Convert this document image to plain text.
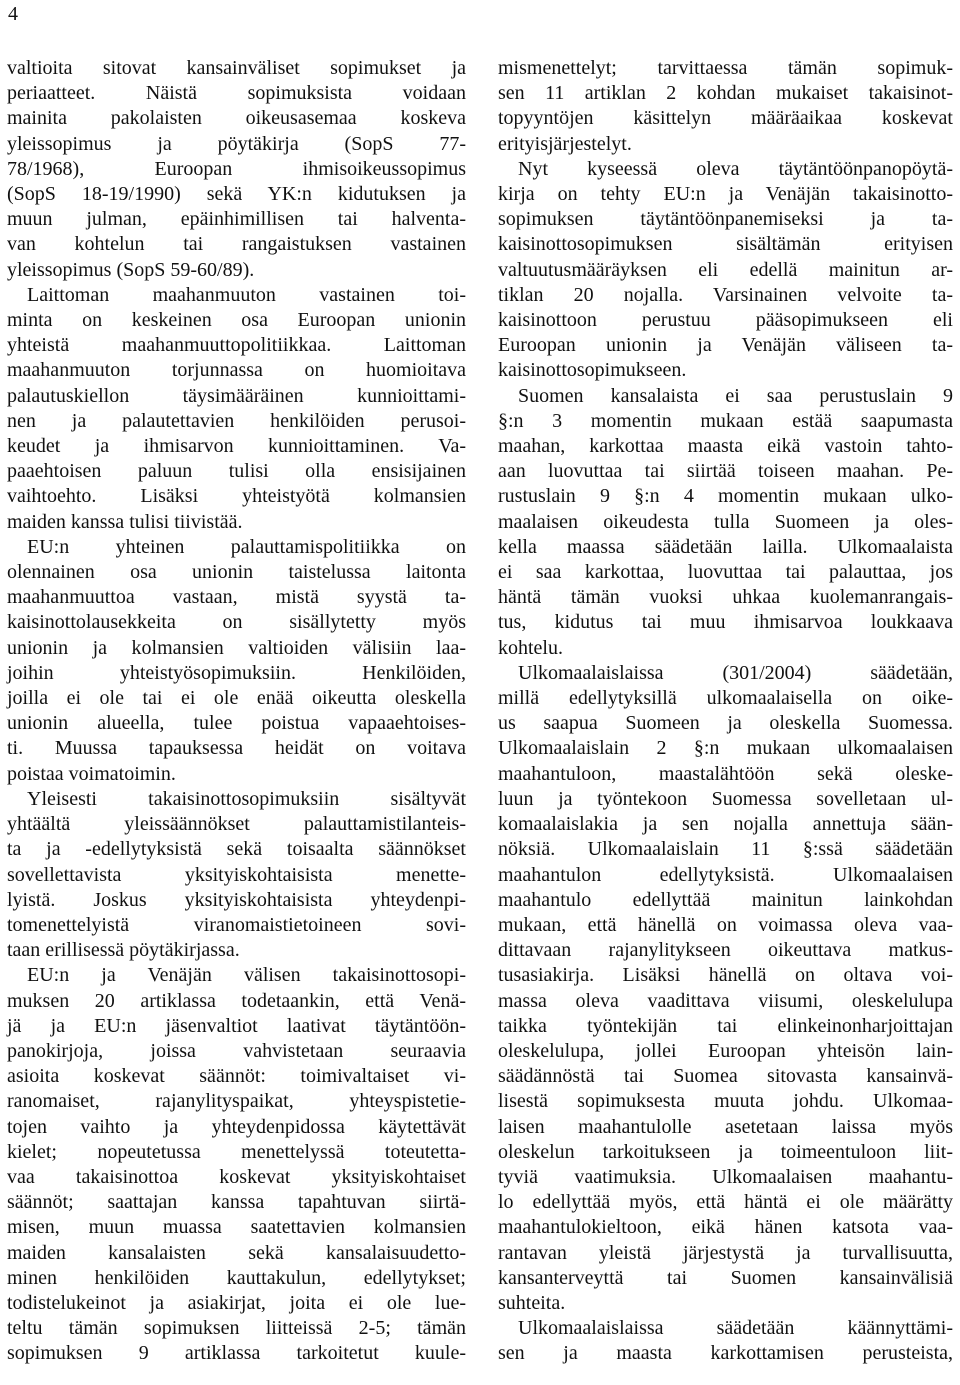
4

valtioita sitovat kansainväliset sopimukset ja

periaatteet. Näistä sopimuksista voidaan

mainita pakolaisten oikeusasemaa koskeva

yleissopimus ja pöytäkirja (SopS 77-

78/1968), Euroopan ihmisoikeussopimus

(SopS 18-19/1990) sekä YK:n kidutuksen ja

muun julman, epäinhimillisen tai halventa-

van kohtelun tai rangaistuksen vastainen

yleissopimus (SopS 59-60/89).

Laittoman maahanmuuton vastainen toi-

minta on keskeinen osa Euroopan unionin

yhteistä maahanmuuttopolitiikkaa. Laittoman

maahanmuuton torjunnassa on huomioitava

palautuskiellon täysimääräinen kunnioittami-

nen ja palautettavien henkilöiden perusoi-

keudet ja ihmisarvon kunnioittaminen. Va-

paaehtoisen paluun tulisi olla ensisijainen

vaihtoehto. Lisäksi yhteistyötä kolmansien

maiden kanssa tulisi tiivistää.

EU:n yhteinen palauttamispolitiikka on

olennainen osa unionin taistelussa laitonta

maahanmuuttoa vastaan, mistä syystä ta-

kaisinottolausekkeita on sisällytetty myös

unionin ja kolmansien valtioiden välisiin laa-

joihin yhteistyösopimuksiin. Henkilöiden,

joilla ei ole tai ei ole enää oikeutta oleskella

unionin alueella, tulee poistua vapaaehtoises-

ti. Muussa tapauksessa heidät on voitava

poistaa voimatoimin.

Yleisesti takaisinottosopimuksiin sisältyvät

yhtäältä yleissäännökset palauttamistilanteis-

ta ja -edellytyksistä sekä toisaalta säännökset

sovellettavista yksityiskohtaisista menette-

lyistä. Joskus yksityiskohtaisista yhteydenpi-

tomenettelyistä viranomaistietoineen sovi-

taan erillisessä pöytäkirjassa.

EU:n ja Venäjän välisen takaisinottosopi-

muksen 20 artiklassa todetaankin, että Venä-

jä ja EU:n jäsenvaltiot laativat täytäntöön-

panokirjoja, joissa vahvistetaan seuraavia

asioita koskevat säännöt: toimivaltaiset vi-

ranomaiset, rajanylityspaikat, yhteyspistetie-

tojen vaihto ja yhteydenpidossa käytettävät

kielet; nopeutetussa menettelyssä toteutetta-

vaa takaisinottoa koskevat yksityiskohtaiset

säännöt; saattajan kanssa tapahtuvan siirtä-

misen, muun muassa saatettavien kolmansien

maiden kansalaisten sekä kansalaisuudetto-

minen henkilöiden kauttakulun, edellytykset;

todistelukeinot ja asiakirjat, joita ei ole lue-

teltu tämän sopimuksen liitteissä 2-5; tämän

sopimuksen 9 artiklassa tarkoitetut kuule-

mismenettelyt; tarvittaessa tämän sopimuk-

sen 11 artiklan 2 kohdan mukaiset takaisinot-

topyyntöjen käsittelyn määräaikaa koskevat

erityisjärjestelyt.

Nyt kyseessä oleva täytäntöönpanopöytä-

kirja on tehty EU:n ja Venäjän takaisinotto-

sopimuksen täytäntöönpanemiseksi ja ta-

kaisinottosopimuksen sisältämän erityisen

valtuutusmääräyksen eli edellä mainitun ar-

tiklan 20 nojalla. Varsinainen velvoite ta-

kaisinottoon perustuu pääsopimukseen eli

Euroopan unionin ja Venäjän väliseen ta-

kaisinottosopimukseen.

Suomen kansalaista ei saa perustuslain 9

§:n 3 momentin mukaan estää saapumasta

maahan, karkottaa maasta eikä vastoin tahto-

aan luovuttaa tai siirtää toiseen maahan. Pe-

rustuslain 9 §:n 4 momentin mukaan ulko-

maalaisen oikeudesta tulla Suomeen ja oles-

kella maassa säädetään lailla. Ulkomaalaista

ei saa karkottaa, luovuttaa tai palauttaa, jos

häntä tämän vuoksi uhkaa kuolemanrangais-

tus, kidutus tai muu ihmisarvoa loukkaava

kohtelu.

Ulkomaalaislaissa (301/2004) säädetään,

millä edellytyksillä ulkomaalaisella on oike-

us saapua Suomeen ja oleskella Suomessa.

Ulkomaalaislain 2 §:n mukaan ulkomaalaisen

maahantuloon, maastalähtöön sekä oleske-

luun ja työntekoon Suomessa sovelletaan ul-

komaalaislakia ja sen nojalla annettuja sään-

nöksiä. Ulkomaalaislain 11 §:ssä säädetään

maahantulon edellytyksistä. Ulkomaalaisen

maahantulo edellyttää mainitun lainkohdan

mukaan, että hänellä on voimassa oleva vaa-

dittavaan rajanylitykseen oikeuttava matkus-

tusasiakirja. Lisäksi hänellä on oltava voi-

massa oleva vaadittava viisumi, oleskelulupa

taikka työntekijän tai elinkeinonharjoittajan

oleskelulupa, jollei Euroopan yhteisön lain-

säädännöstä tai Suomea sitovasta kansainvä-

lisestä sopimuksesta muuta johdu. Ulkomaa-

laisen maahantulolle asetetaan laissa myös

oleskelun tarkoitukseen ja toimeentuloon liit-

tyviä vaatimuksia. Ulkomaalaisen maahantu-

lo edellyttää myös, että häntä ei ole määrätty

maahantulokieltoon, eikä hänen katsota vaa-

rantavan yleistä järjestystä ja turvallisuutta,

kansanterveyttä tai Suomen kansainvälisiä

suhteita.

Ulkomaalaislaissa säädetään käännyttämi-

sen ja maasta karkottamisen perusteista,
